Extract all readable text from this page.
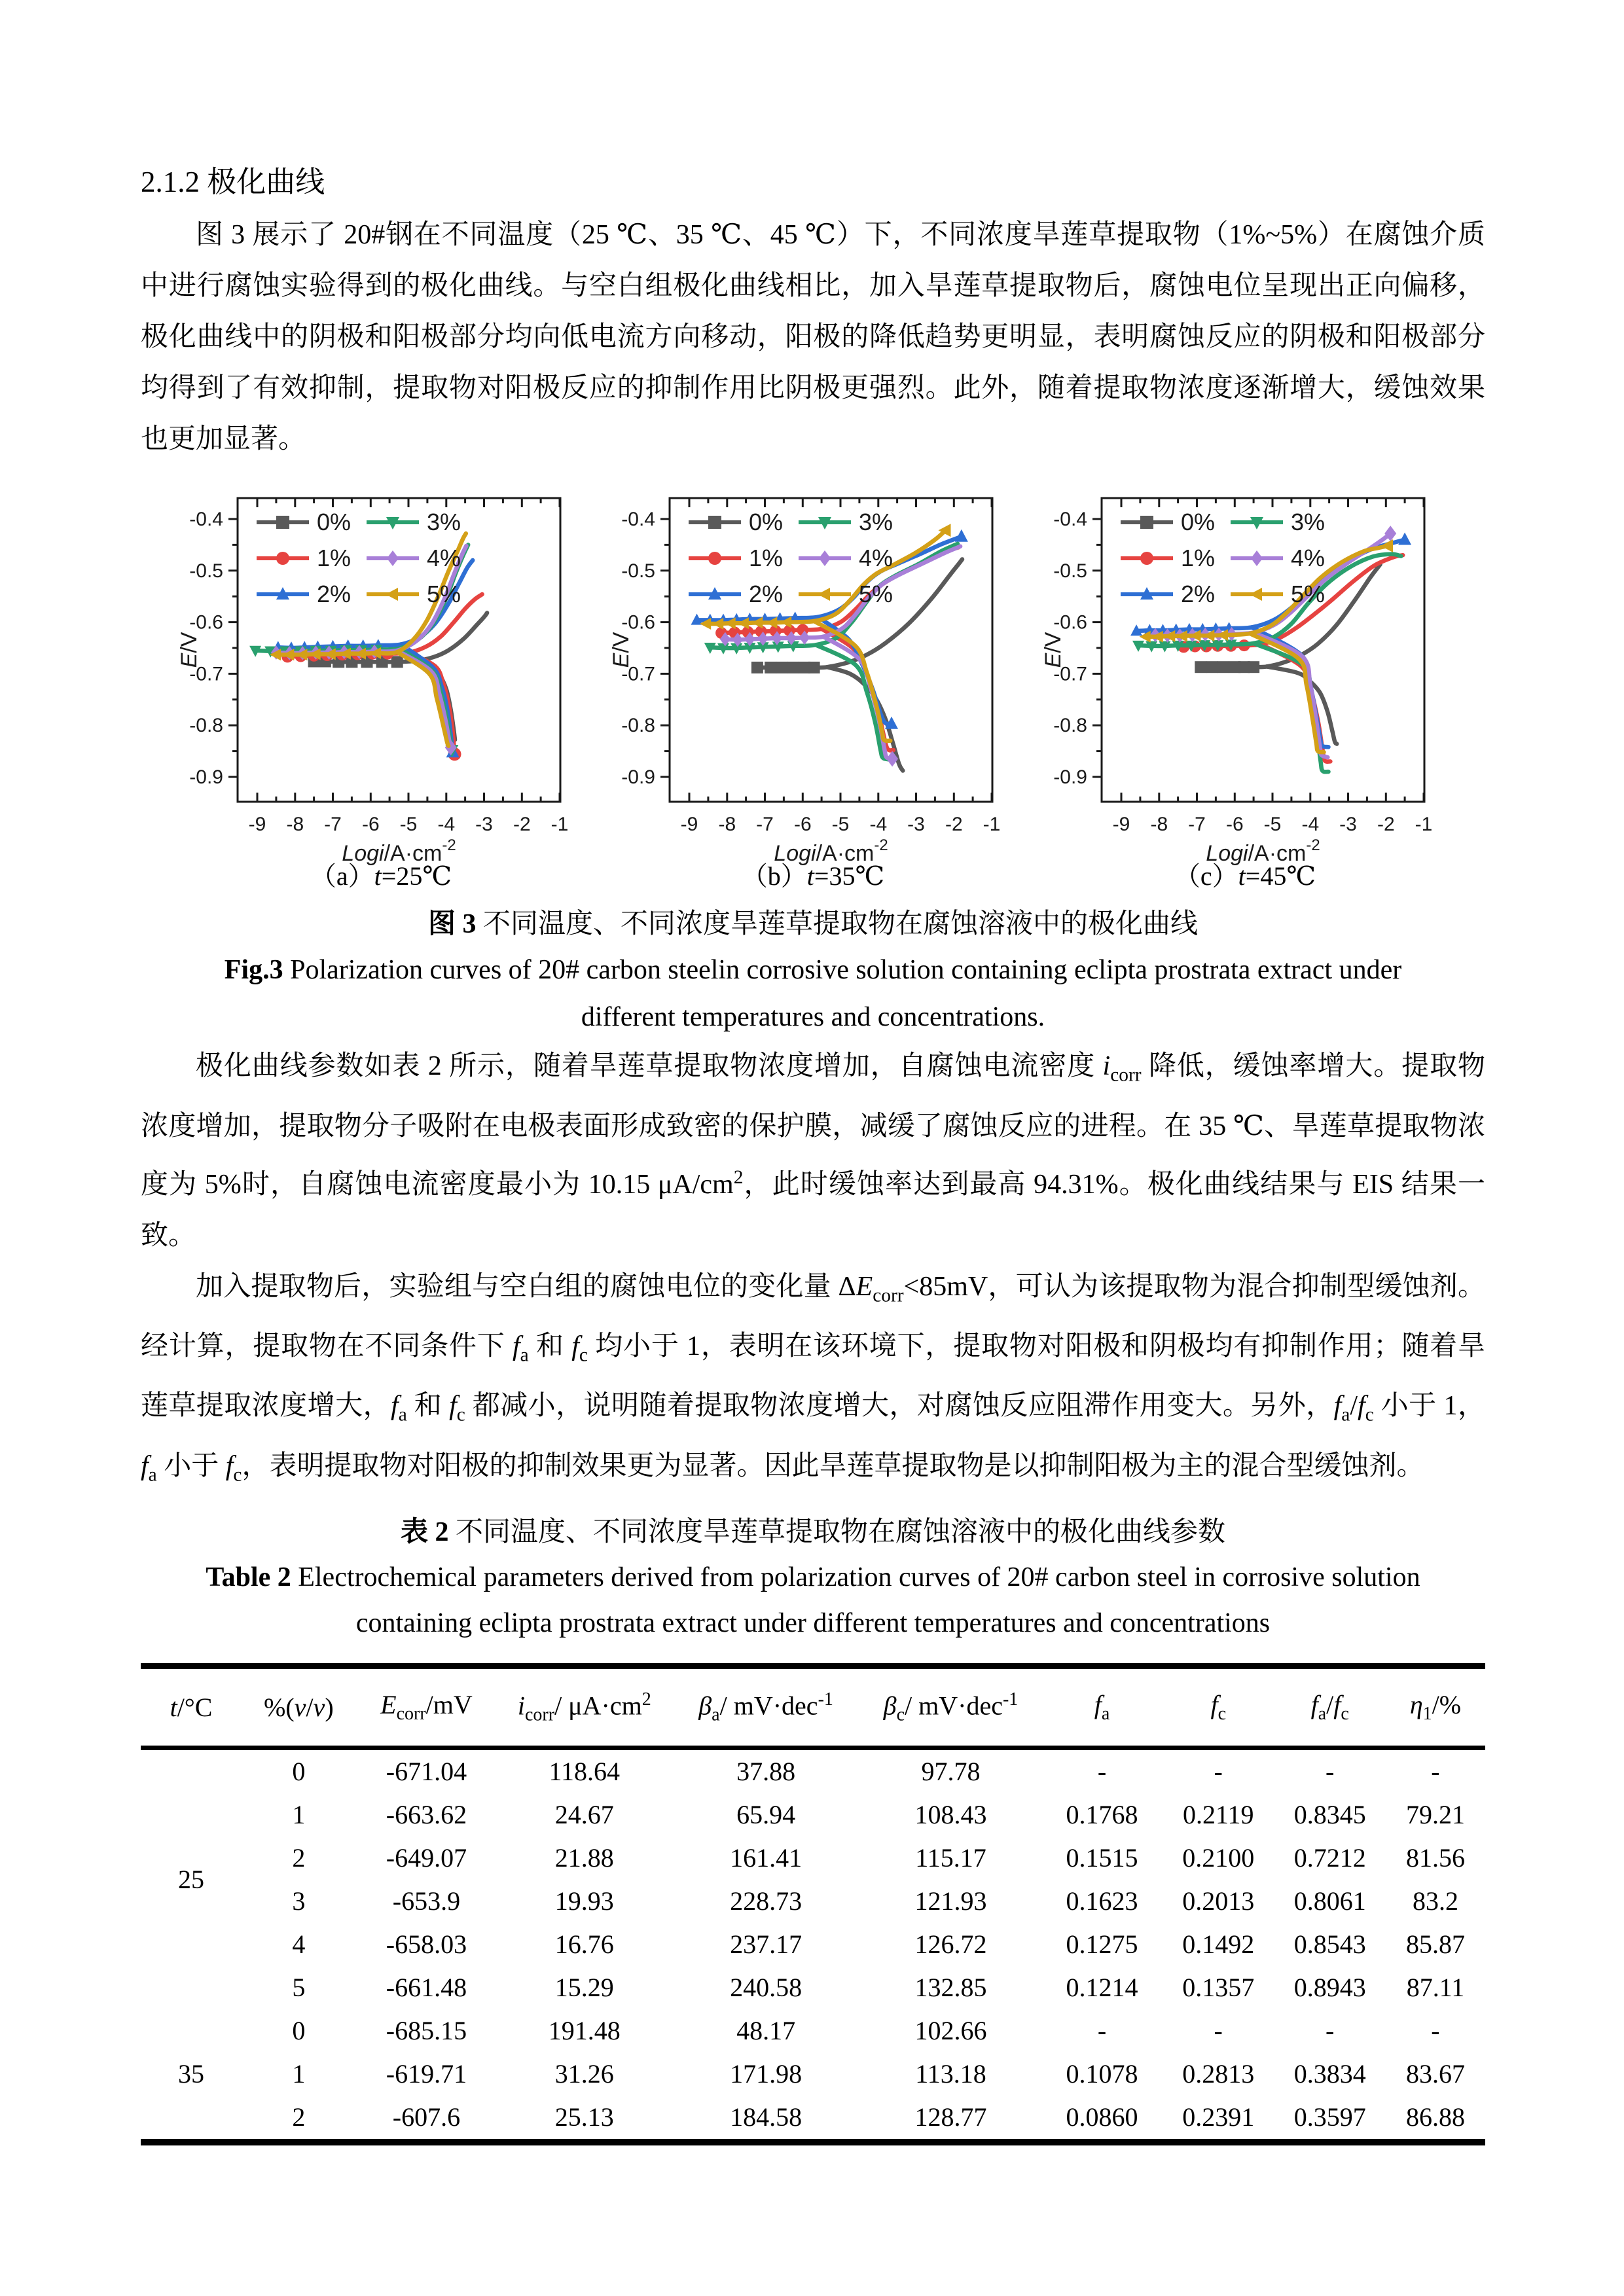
2.1.2 极化曲线

图 3 展示了 20#钢在不同温度（25 ℃、35 ℃、45 ℃）下，不同浓度旱莲草提取物（1%~5%）在腐蚀介质中进行腐蚀实验得到的极化曲线。与空白组极化曲线相比，加入旱莲草提取物后，腐蚀电位呈现出正向偏移，极化曲线中的阴极和阳极部分均向低电流方向移动，阳极的降低趋势更明显，表明腐蚀反应的阴极和阳极部分均得到了有效抑制，提取物对阳极反应的抑制作用比阴极更强烈。此外，随着提取物浓度逐渐增大，缓蚀效果也更加显著。

-9 -8 -7 -6 -5 -4 -3 -2 -1
-0.4
-0.5
-0.6
-0.7
-0.8
-0.9
Logi/$A\cdot cm^{-2}$
E/V
0%
1%
2%
3%
4%
5%
（a）t=25℃
-9 -8 -7 -6 -5 -4 -3 -2 -1
-0.4
-0.5
-0.6
-0.7
-0.8
-0.9
Logi/$A\cdot cm^{-2}$
E/V
0%
1%
2%
3%
4%
5%
（b）t=35℃
-9 -8 -7 -6 -5 -4 -3 -2 -1
-0.4
-0.5
-0.6
-0.7
-0.8
-0.9
Logi/$A\cdot cm^{-2}$
E/V
0%
1%
2%
3%
4%
5%
（c）t=45℃
图 3 不同温度、不同浓度旱莲草提取物在腐蚀溶液中的极化曲线
Fig.3 Polarization curves of 20# carbon steelin corrosive solution containing eclipta prostrata extract under different temperatures and concentrations.

极化曲线参数如表 2 所示，随着旱莲草提取物浓度增加，自腐蚀电流密度 $i_{corr}$ 降低，缓蚀率增大。提取物浓度增加，提取物分子吸附在电极表面形成致密的保护膜，减缓了腐蚀反应的进程。在 35 ℃、旱莲草提取物浓度为 5%时，自腐蚀电流密度最小为 10.15 $\mu A/cm^2$，此时缓蚀率达到最高 94.31%。极化曲线结果与 EIS 结果一致。

加入提取物后，实验组与空白组的腐蚀电位的变化量 $\Delta E_{corr}<85mV$，可认为该提取物为混合抑制型缓蚀剂。经计算，提取物在不同条件下 $f_a$ 和 $f_c$ 均小于 1，表明在该环境下，提取物对阳极和阴极均有抑制作用；随着旱莲草提取浓度增大，$f_a$ 和 $f_c$ 都减小，说明随着提取物浓度增大，对腐蚀反应阻滞作用变大。另外，$f_a/f_c$ 小于 1，$f_a$ 小于 $f_c$，表明提取物对阳极的抑制效果更为显著。因此旱莲草提取物是以抑制阳极为主的混合型缓蚀剂。

表 2 不同温度、不同浓度旱莲草提取物在腐蚀溶液中的极化曲线参数
Table 2 Electrochemical parameters derived from polarization curves of 20# carbon steel in corrosive solution containing eclipta prostrata extract under different temperatures and concentrations
t/°C	%(v/v)	$E_{corr}/mV$	$i_{corr}/$ $\mu A\cdot cm^2$	$\beta_a/$ mV·dec$^{-1}$	$\beta_c/$ mV·dec$^{-1}$	$f_a$	$f_c$	$f_a/f_c$	$\eta_1/\%$
25	0	-671.04	118.64	37.88	97.78	-	-	-	-
	1	-663.62	24.67	65.94	108.43	0.1768	0.2119	0.8345	79.21
	2	-649.07	21.88	161.41	115.17	0.1515	0.2100	0.7212	81.56
	3	-653.9	19.93	228.73	121.93	0.1623	0.2013	0.8061	83.2
	4	-658.03	16.76	237.17	126.72	0.1275	0.1492	0.8543	85.87
	5	-661.48	15.29	240.58	132.85	0.1214	0.1357	0.8943	87.11
35	0	-685.15	191.48	48.17	102.66	-	-	-	-
	1	-619.71	31.26	171.98	113.18	0.1078	0.2813	0.3834	83.67
	2	-607.6	25.13	184.58	128.77	0.0860	0.2391	0.3597	86.88
